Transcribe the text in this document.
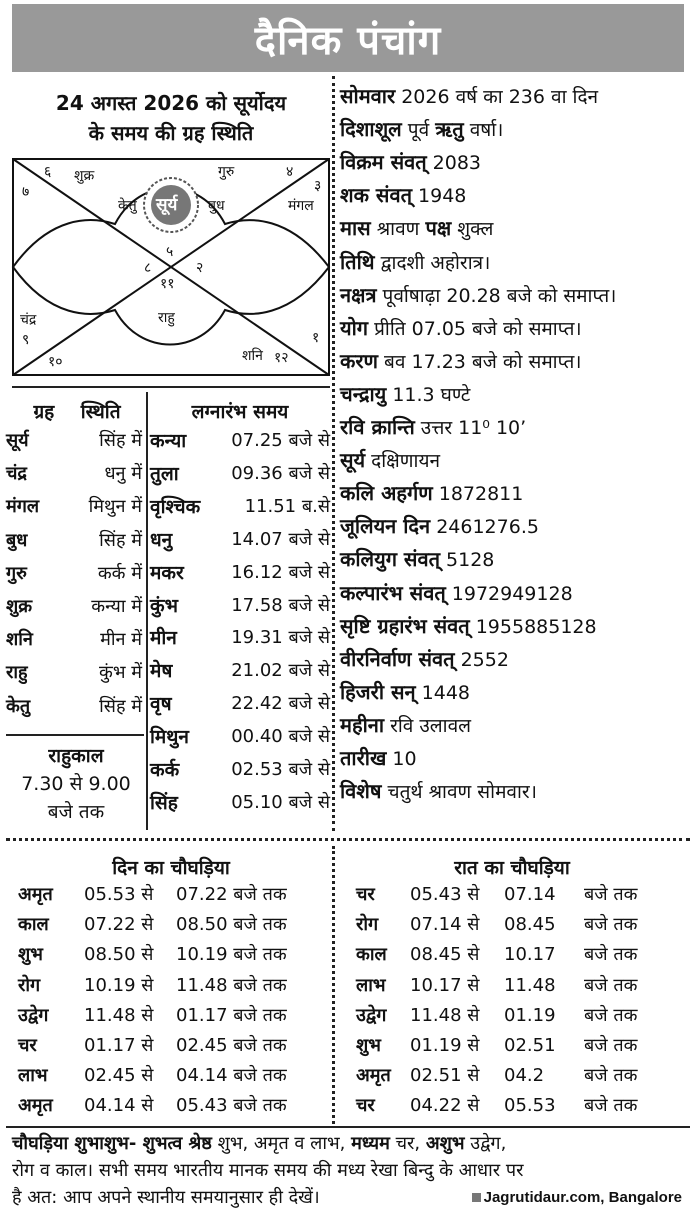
दैनिक पंचांग
24 अगस्त 2026 को सूर्योदय
के समय की ग्रह स्थिति
६ शुक्र
७
गुरु	४
३
केतु सूर्य बुध	मंगल
५
८	२
११
चंद्र
९
राहु
१
१०	शनि १२
ग्रह स्थिति
सूर्य	सिंह में
चंद्र	धनु में
मंगल	मिथुन में
बुध	सिंह में
गुरु	कर्क में
शुक्र	कन्या में
शनि	मीन में
राहु	कुंभ में
केतु	सिंह में
लग्नारंभ समय
कन्या	07.25 बजे से
तुला	09.36 बजे से
वृश्चिक 11.51 ब.से
धनु	14.07 बजे से
मकर	16.12 बजे से
कुंभ	17.58 बजे से
मीन	19.31 बजे से
मेष	21.02 बजे से
वृष	22.42 बजे से
मिथुन 00.40 बजे से
कर्क	02.53 बजे से
सिंह	05.10 बजे से
राहुकाल
7.30 से 9.00
बजे तक
सोमवार 2026 वर्ष का 236 वा दिन
दिशाशूल पूर्व ऋतु वर्षा।
विक्रम संवत् 2083
शक संवत् 1948
मास श्रावण पक्ष शुक्ल
तिथि द्वादशी अहोरात्र।
नक्षत्र पूर्वाषाढ़ा 20.28 बजे को समाप्त।
योग प्रीति 07.05 बजे को समाप्त।
करण बव 17.23 बजे को समाप्त।
चन्द्रायु 11.3 घण्टे
रवि क्रान्ति उत्तर 11⁰ 10’
सूर्य दक्षिणायन
कलि अहर्गण 1872811
जूलियन दिन 2461276.5
कलियुग संवत् 5128
कल्पारंभ संवत् 1972949128
सृष्टि ग्रहारंभ संवत् 1955885128
वीरनिर्वाण संवत् 2552
हिजरी सन् 1448
महीना रवि उलावल
तारीख 10
विशेष चतुर्थ श्रावण सोमवार।
दिन का चौघड़िया	रात का चौघड़िया
अमृत 05.53 से 07.22 बजे तक
काल 07.22 से 08.50 बजे तक
शुभ 08.50 से 10.19 बजे तक
रोग 10.19 से 11.48 बजे तक
उद्वेग 11.48 से 01.17 बजे तक
चर	01.17 से 02.45 बजे तक
लाभ 02.45 से 04.14 बजे तक
अमृत 04.14 से 05.43 बजे तक
चर 05.43 से 07.14 बजे तक
रोग 07.14 से 08.45 बजे तक
काल 08.45 से 10.17 बजे तक
लाभ 10.17 से 11.48 बजे तक
उद्वेग 11.48 से 01.19 बजे तक
शुभ 01.19 से 02.51 बजे तक
अमृत 02.51 से 04.2 बजे तक
चर 04.22 से 05.53 बजे तक
चौघड़िया शुभाशुभ- शुभत्व श्रेष्ठ शुभ, अमृत व लाभ, मध्यम चर, अशुभ उद्वेग,
रोग व काल। सभी समय भारतीय मानक समय की मध्य रेखा बिन्दु के आधार पर
है अत: आप अपने स्थानीय समयानुसार ही देखें।	Jagrutidaur.com, Bangalore
